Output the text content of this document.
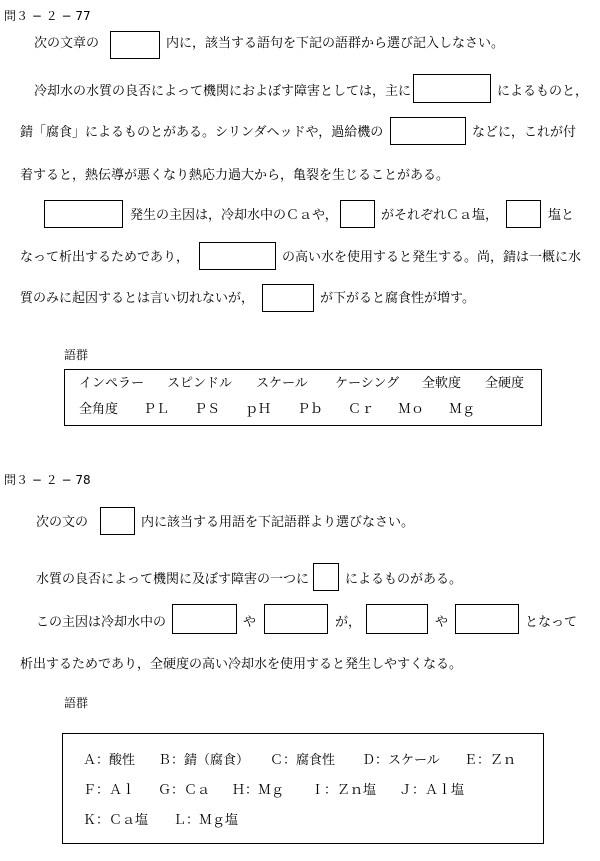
問３ − ２ − 77
次の文章の	内に，該当する語句を下記の語群から選び記入しなさい。
冷却水の水質の良否によって機関におよぼす障害としては，主に	によるものと，
錆「腐食」によるものとがある。シリンダヘッドや，過給機の	などに，これが付
着すると，熱伝導が悪くなり熱応力過大から，亀裂を生じることがある。
発生の主因は，冷却水中のＣａや，	がそれぞれＣａ塩，	塩と
なって析出するためであり，	の高い水を使用すると発生する。尚，錆は一概に水
質のみに起因するとは言い切れないが，	が下がると腐食性が増す。
語群
インペラー スピンドル スケール ケーシング 全軟度 全硬度
全角度 ＰＬ ＰＳ ｐＨ Ｐｂ Ｃｒ Ｍｏ Ｍｇ
問３ − ２ − 78
次の文の	内に該当する用語を下記語群より選びなさい。
水質の良否によって機関に及ぼす障害の一つに	によるものがある。
この主因は冷却水中の	や	が，	や	となって
析出するためであり，全硬度の高い冷却水を使用すると発生しやすくなる。
語群
Ａ：酸性 Ｂ：錆（腐食） Ｃ：腐食性 Ｄ：スケール Ｅ：Ｚｎ
Ｆ：Ａｌ Ｇ：Ｃａ Ｈ：Ｍｇ Ｉ：Ｚｎ塩 Ｊ：Ａｌ塩
Ｋ：Ｃａ塩 Ｌ：Ｍｇ塩
